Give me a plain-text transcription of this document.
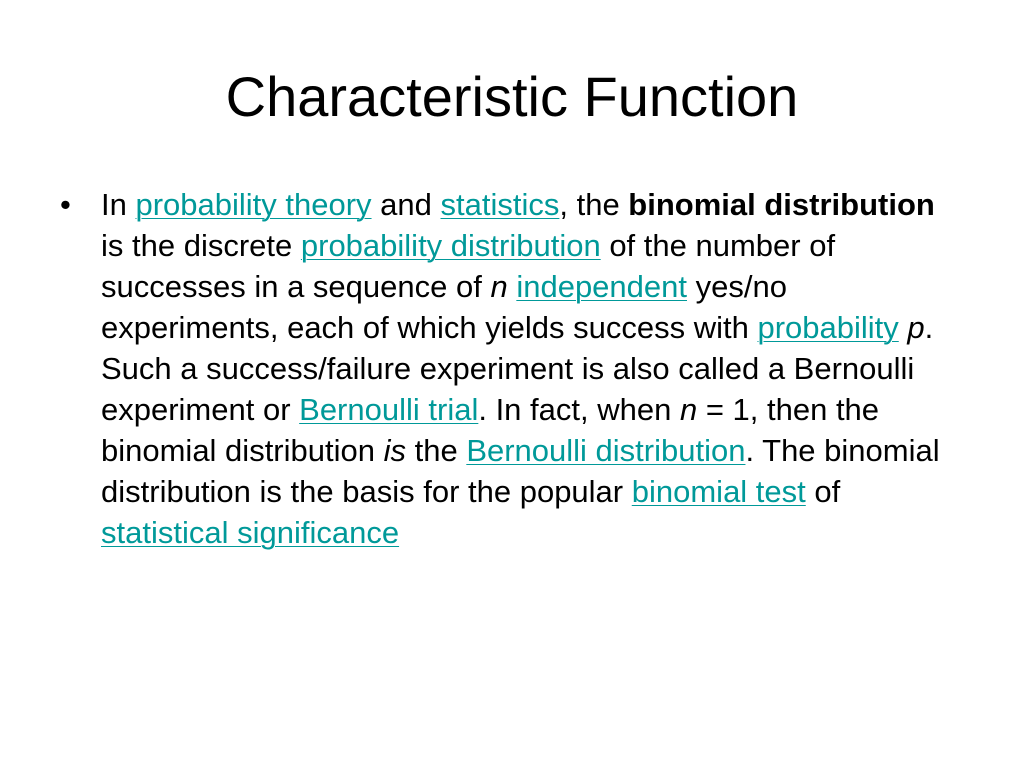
Characteristic Function
• In probability theory and statistics, the binomial distribution is the discrete probability distribution of the number of successes in a sequence of n independent yes/no experiments, each of which yields success with probability p. Such a success/failure experiment is also called a Bernoulli experiment or Bernoulli trial. In fact, when n = 1, then the binomial distribution is the Bernoulli distribution. The binomial distribution is the basis for the popular binomial test of statistical significance
